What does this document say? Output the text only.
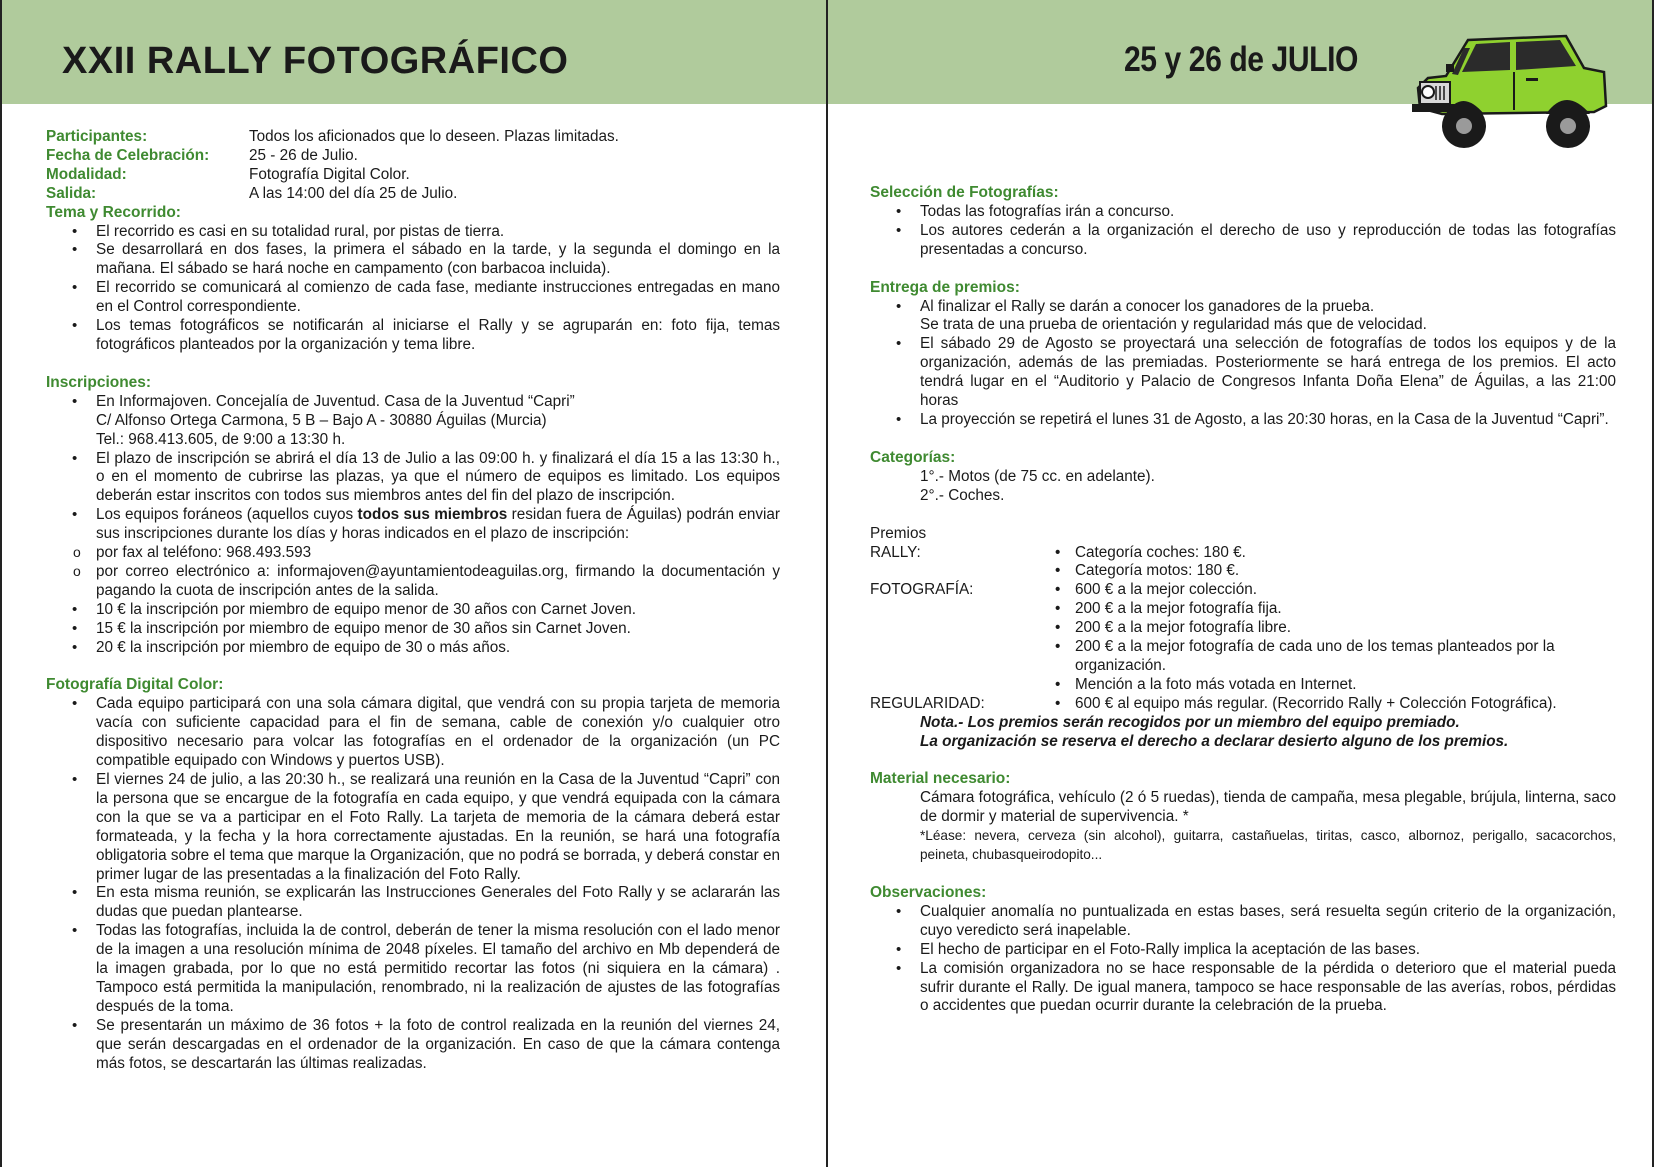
XXII RALLY FOTOGRÁFICO
Participantes:	Todos los aficionados que lo deseen. Plazas limitadas.
Fecha de Celebración:	25 - 26 de Julio.
Modalidad:	Fotografía Digital Color.
Salida:	A las 14:00 del día 25 de Julio.
Tema y Recorrido:
• El recorrido es casi en su totalidad rural, por pistas de tierra.
• Se desarrollará en dos fases, la primera el sábado en la tarde, y la segunda el domingo en la mañana. El sábado se hará noche en campamento (con barbacoa incluida).
• El recorrido se comunicará al comienzo de cada fase, mediante instrucciones entregadas en mano en el Control correspondiente.
• Los temas fotográficos se notificarán al iniciarse el Rally y se agruparán en: foto fija, temas fotográficos planteados por la organización y tema libre.
Inscripciones:
• En Informajoven. Concejalía de Juventud. Casa de la Juventud “Capri”
C/ Alfonso Ortega Carmona, 5 B – Bajo A - 30880 Águilas (Murcia)
Tel.: 968.413.605, de 9:00 a 13:30 h.
• El plazo de inscripción se abrirá el día 13 de Julio a las 09:00 h. y finalizará el día 15 a las 13:30 h., o en el momento de cubrirse las plazas, ya que el número de equipos es limitado. Los equipos deberán estar inscritos con todos sus miembros antes del fin del plazo de inscripción.
• Los equipos foráneos (aquellos cuyos todos sus miembros residan fuera de Águilas) podrán enviar sus inscripciones durante los días y horas indicados en el plazo de inscripción:
o por fax al teléfono: 968.493.593
o por correo electrónico a: informajoven@ayuntamientodeaguilas.org, firmando la documentación y pagando la cuota de inscripción antes de la salida.
• 10 € la inscripción por miembro de equipo menor de 30 años con Carnet Joven.
• 15 € la inscripción por miembro de equipo menor de 30 años sin Carnet Joven.
• 20 € la inscripción por miembro de equipo de 30 o más años.
Fotografía Digital Color:
• Cada equipo participará con una sola cámara digital, que vendrá con su propia tarjeta de memoria vacía con suficiente capacidad para el fin de semana, cable de conexión y/o cualquier otro dispositivo necesario para volcar las fotografías en el ordenador de la organización (un PC compatible equipado con Windows y puertos USB).
• El viernes 24 de julio, a las 20:30 h., se realizará una reunión en la Casa de la Juventud “Capri” con la persona que se encargue de la fotografía en cada equipo, y que vendrá equipada con la cámara con la que se va a participar en el Foto Rally. La tarjeta de memoria de la cámara deberá estar formateada, y la fecha y la hora correctamente ajustadas. En la reunión, se hará una fotografía obligatoria sobre el tema que marque la Organización, que no podrá se borrada, y deberá constar en primer lugar de las presentadas a la finalización del Foto Rally.
• En esta misma reunión, se explicarán las Instrucciones Generales del Foto Rally y se aclararán las dudas que puedan plantearse.
• Todas las fotografías, incluida la de control, deberán de tener la misma resolución con el lado menor de la imagen a una resolución mínima de 2048 píxeles. El tamaño del archivo en Mb dependerá de la imagen grabada, por lo que no está permitido recortar las fotos (ni siquiera en la cámara) . Tampoco está permitida la manipulación, renombrado, ni la realización de ajustes de las fotografías después de la toma.
• Se presentarán un máximo de 36 fotos + la foto de control realizada en la reunión del viernes 24, que serán descargadas en el ordenador de la organización. En caso de que la cámara contenga más fotos, se descartarán las últimas realizadas.
25 y 26 de JULIO
Selección de Fotografías:
• Todas las fotografías irán a concurso.
• Los autores cederán a la organización el derecho de uso y reproducción de todas las fotografías presentadas a concurso.
Entrega de premios:
• Al finalizar el Rally se darán a conocer los ganadores de la prueba.
Se trata de una prueba de orientación y regularidad más que de velocidad.
• El sábado 29 de Agosto se proyectará una selección de fotografías de todos los equipos y de la organización, además de las premiadas. Posteriormente se hará entrega de los premios. El acto tendrá lugar en el “Auditorio y Palacio de Congresos Infanta Doña Elena” de Águilas, a las 21:00 horas
• La proyección se repetirá el lunes 31 de Agosto, a las 20:30 horas, en la Casa de la Juventud “Capri”.
Categorías:
1°.- Motos (de 75 cc. en adelante).
2°.- Coches.
Premios
RALLY:	• Categoría coches: 180 €.
• Categoría motos: 180 €.
FOTOGRAFÍA:	• 600 € a la mejor colección.
• 200 € a la mejor fotografía fija.
• 200 € a la mejor fotografía libre.
• 200 € a la mejor fotografía de cada uno de los temas planteados por la organización.
• Mención a la foto más votada en Internet.
REGULARIDAD:	• 600 € al equipo más regular. (Recorrido Rally + Colección Fotográfica).
Nota.- Los premios serán recogidos por un miembro del equipo premiado.
La organización se reserva el derecho a declarar desierto alguno de los premios.
Material necesario:
Cámara fotográfica, vehículo (2 ó 5 ruedas), tienda de campaña, mesa plegable, brújula, linterna, saco de dormir y material de supervivencia. *
*Léase: nevera, cerveza (sin alcohol), guitarra, castañuelas, tiritas, casco, albornoz, perigallo, sacacorchos, peineta, chubasqueirodopito...
Observaciones:
• Cualquier anomalía no puntualizada en estas bases, será resuelta según criterio de la organización, cuyo veredicto será inapelable.
• El hecho de participar en el Foto-Rally implica la aceptación de las bases.
• La comisión organizadora no se hace responsable de la pérdida o deterioro que el material pueda sufrir durante el Rally. De igual manera, tampoco se hace responsable de las averías, robos, pérdidas o accidentes que puedan ocurrir durante la celebración de la prueba.
